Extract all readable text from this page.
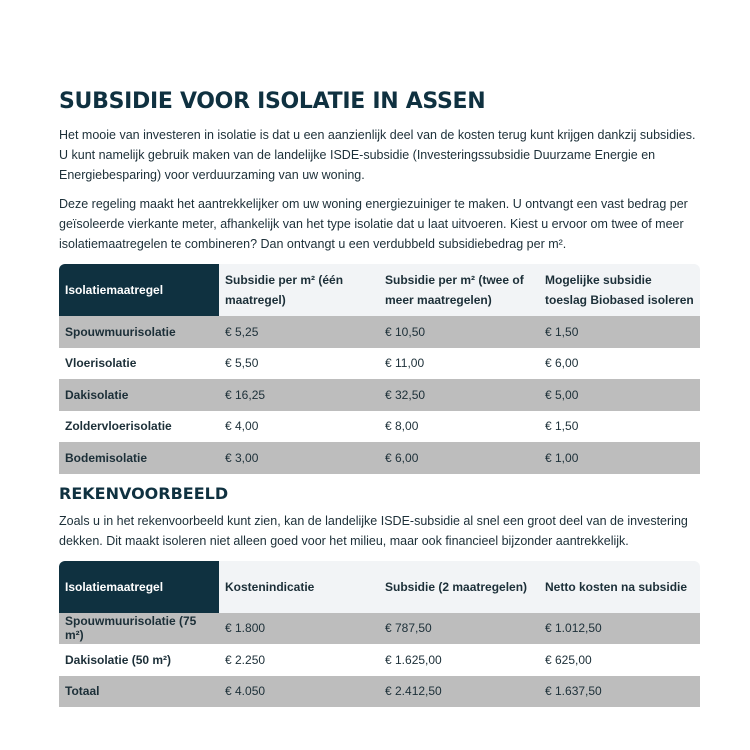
SUBSIDIE VOOR ISOLATIE IN ASSEN

Het mooie van investeren in isolatie is dat u een aanzienlijk deel van de kosten terug kunt krijgen dankzij subsidies. U kunt namelijk gebruik maken van de landelijke ISDE-subsidie (Investeringssubsidie Duurzame Energie en Energiebesparing) voor verduurzaming van uw woning.

Deze regeling maakt het aantrekkelijker om uw woning energiezuiniger te maken. U ontvangt een vast bedrag per geïsoleerde vierkante meter, afhankelijk van het type isolatie dat u laat uitvoeren. Kiest u ervoor om twee of meer isolatiemaatregelen te combineren? Dan ontvangt u een verdubbeld subsidiebedrag per m².

Isolatiemaatregel	Subsidie per m² (één maatregel)	Subsidie per m² (twee of meer maatregelen)	Mogelijke subsidie toeslag Biobased isoleren
Spouwmuurisolatie	€ 5,25	€ 10,50	€ 1,50
Vloerisolatie	€ 5,50	€ 11,00	€ 6,00
Dakisolatie	€ 16,25	€ 32,50	€ 5,00
Zoldervloerisolatie	€ 4,00	€ 8,00	€ 1,50
Bodemisolatie	€ 3,00	€ 6,00	€ 1,00
REKENVOORBEELD

Zoals u in het rekenvoorbeeld kunt zien, kan de landelijke ISDE-subsidie al snel een groot deel van de investering dekken. Dit maakt isoleren niet alleen goed voor het milieu, maar ook financieel bijzonder aantrekkelijk.

Isolatiemaatregel	Kostenindicatie	Subsidie (2 maatregelen)	Netto kosten na subsidie
Spouwmuurisolatie (75 m²)	€ 1.800	€ 787,50	€ 1.012,50
Dakisolatie (50 m²)	€ 2.250	€ 1.625,00	€ 625,00
Totaal	€ 4.050	€ 2.412,50	€ 1.637,50
